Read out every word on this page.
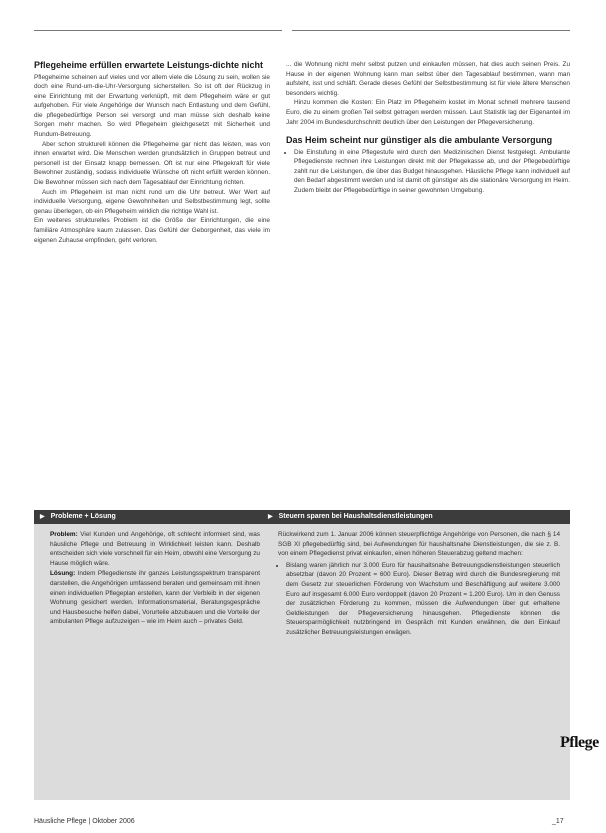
Pflegeheime erfüllen erwartete Leistungs-dichte nicht

Pflegeheime scheinen auf vieles und vor allem viele die Lösung zu sein, wollen sie doch eine Rund-um-die-Uhr-Versorgung sicherstellen. So ist oft der Rückzug in eine Einrichtung mit der Erwartung verknüpft, mit dem Pflegeheim wäre er gut aufgehoben. Für viele Angehörige der Wunsch nach Entlastung und dem Gefühl, die pflegebedürftige Person sei versorgt und man müsse sich deshalb keine Sorgen mehr machen. So wird Pflegeheim gleichgesetzt mit Sicherheit und Rundum-Betreuung.

Aber schon strukturell können die Pflegeheime gar nicht das leisten, was von ihnen erwartet wird. Die Menschen werden grundsätzlich in Gruppen betreut und personell ist der Einsatz knapp bemessen. Oft ist nur eine Pflegekraft für viele Bewohner zuständig, sodass individuelle Wünsche oft nicht erfüllt werden können. Die Bewohner müssen sich nach dem Tagesablauf der Einrichtung richten.

Auch im Pflegeheim ist man nicht rund um die Uhr betreut. Wer Wert auf individuelle Versorgung, eigene Gewohnheiten und Selbstbestimmung legt, sollte genau überlegen, ob ein Pflegeheim wirklich die richtige Wahl ist.

Ein weiteres strukturelles Problem ist die Größe der Einrichtungen, die eine familiäre Atmosphäre kaum zulassen. Das Gefühl der Geborgenheit, das viele im eigenen Zuhause empfinden, geht verloren.

... die Wohnung nicht mehr selbst putzen und einkaufen müssen, hat dies auch seinen Preis. Zu Hause in der eigenen Wohnung kann man selbst über den Tagesablauf bestimmen, wann man aufsteht, isst und schläft. Gerade dieses Gefühl der Selbstbestimmung ist für viele ältere Menschen besonders wichtig.

Hinzu kommen die Kosten: Ein Platz im Pflegeheim kostet im Monat schnell mehrere tausend Euro, die zu einem großen Teil selbst getragen werden müssen. Laut Statistik lag der Eigenanteil im Jahr 2004 im Bundesdurchschnitt deutlich über den Leistungen der Pflegeversicherung.

Das Heim scheint nur günstiger als die ambulante Versorgung
• Die Einstufung in eine Pflegestufe wird durch den Medizinischen Dienst festgelegt. Ambulante Pflegedienste rechnen ihre Leistungen direkt mit der Pflegekasse ab, und der Pflegebedürftige zahlt nur die Leistungen, die über das Budget hinausgehen. Häusliche Pflege kann individuell auf den Bedarf abgestimmt werden und ist damit oft günstiger als die stationäre Versorgung im Heim. Zudem bleibt der Pflegebedürftige in seiner gewohnten Umgebung.
▶ Probleme + Lösung

Problem: Viel Kunden und Angehörige, oft schlecht informiert sind, was häusliche Pflege und Betreuung in Wirklichkeit leisten kann. Deshalb entscheiden sich viele vorschnell für ein Heim, obwohl eine Versorgung zu Hause möglich wäre.

Lösung: Indem Pflegedienste ihr ganzes Leistungsspektrum transparent darstellen, die Angehörigen umfassend beraten und gemeinsam mit ihnen einen individuellen Pflegeplan erstellen, kann der Verbleib in der eigenen Wohnung gesichert werden. Informationsmaterial, Beratungsgespräche und Hausbesuche helfen dabei, Vorurteile abzubauen und die Vorteile der ambulanten Pflege aufzuzeigen – wie im Heim auch – privates Geld.

▶ Steuern sparen bei Haushaltsdienstleistungen

Rückwirkend zum 1. Januar 2006 können steuerpflichtige Angehörige von Personen, die nach § 14 SGB XI pflegebedürftig sind, bei Aufwendungen für haushaltsnahe Dienstleistungen, die sie z. B. von einem Pflegedienst privat einkaufen, einen höheren Steuerabzug geltend machen:

• Bislang waren jährlich nur 3.000 Euro für haushaltsnahe Betreuungsdienstleistungen steuerlich absetzbar (davon 20 Prozent = 600 Euro). Dieser Betrag wird durch die Bundesregierung mit dem Gesetz zur steuerlichen Förderung von Wachstum und Beschäftigung auf weitere 3.000 Euro auf insgesamt 6.000 Euro verdoppelt (davon 20 Prozent = 1.200 Euro). Um in den Genuss der zusätzlichen Förderung zu kommen, müssen die Aufwendungen über gut erhaltene Geldleistungen der Pflegeversicherung hinausgehen. Pflegedienste können die Steuersparmöglichkeit nutzbringend im Gespräch mit Kunden erwähnen, die den Einkauf zusätzlicher Betreuungsleistungen erwägen.
Pflege
Häusliche Pflege | Oktober 2006	_17
